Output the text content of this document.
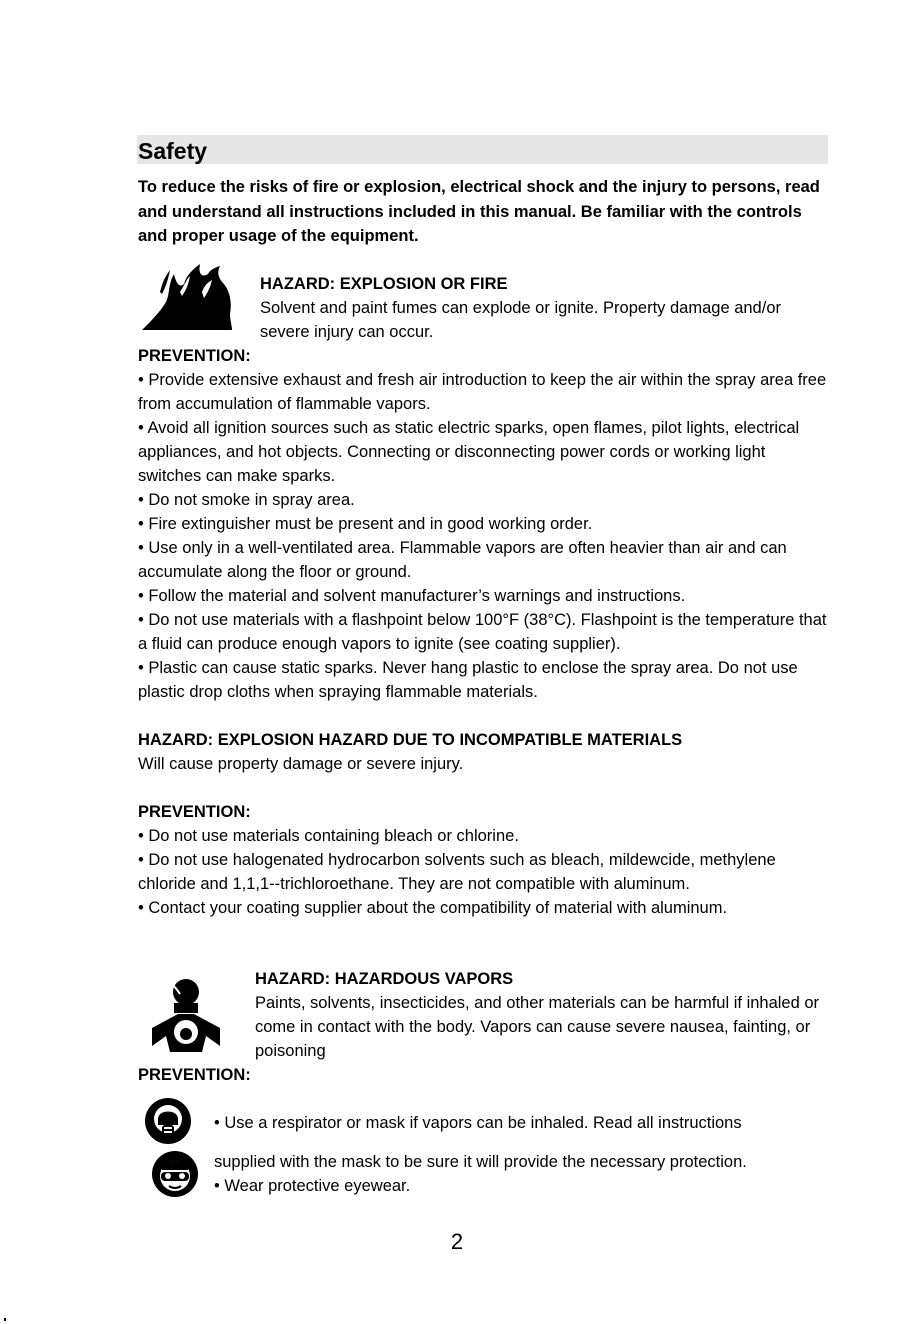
Safety
To reduce the risks of fire or explosion, electrical shock and the injury to persons, read and understand all instructions included in this manual. Be familiar with the controls and proper usage of the equipment.
HAZARD: EXPLOSION OR FIRE
Solvent and paint fumes can explode or ignite. Property damage and/or severe injury can occur.
PREVENTION:

• Provide extensive exhaust and fresh air introduction to keep the air within the spray area free from accumulation of flammable vapors.

• Avoid all ignition sources such as static electric sparks, open flames, pilot lights, electrical appliances, and hot objects. Connecting or disconnecting power cords or working light switches can make sparks.

• Do not smoke in spray area.

• Fire extinguisher must be present and in good working order.

• Use only in a well-ventilated area. Flammable vapors are often heavier than air and can accumulate along the floor or ground.

• Follow the material and solvent manufacturer’s warnings and instructions.

• Do not use materials with a flashpoint below 100°F (38°C). Flashpoint is the temperature that a fluid can produce enough vapors to ignite (see coating supplier).

• Plastic can cause static sparks. Never hang plastic to enclose the spray area. Do not use plastic drop cloths when spraying flammable materials.

HAZARD: EXPLOSION HAZARD DUE TO INCOMPATIBLE MATERIALS
Will cause property damage or severe injury.
PREVENTION:

• Do not use materials containing bleach or chlorine.

• Do not use halogenated hydrocarbon solvents such as bleach, mildewcide, methylene chloride and 1,1,1--trichloroethane. They are not compatible with aluminum.

• Contact your coating supplier about the compatibility of material with aluminum.

HAZARD: HAZARDOUS VAPORS
Paints, solvents, insecticides, and other materials can be harmful if inhaled or come in contact with the body. Vapors can cause severe nausea, fainting, or poisoning
PREVENTION:
• Use a respirator or mask if vapors can be inhaled. Read all instructions
supplied with the mask to be sure it will provide the necessary protection.
• Wear protective eyewear.
2
